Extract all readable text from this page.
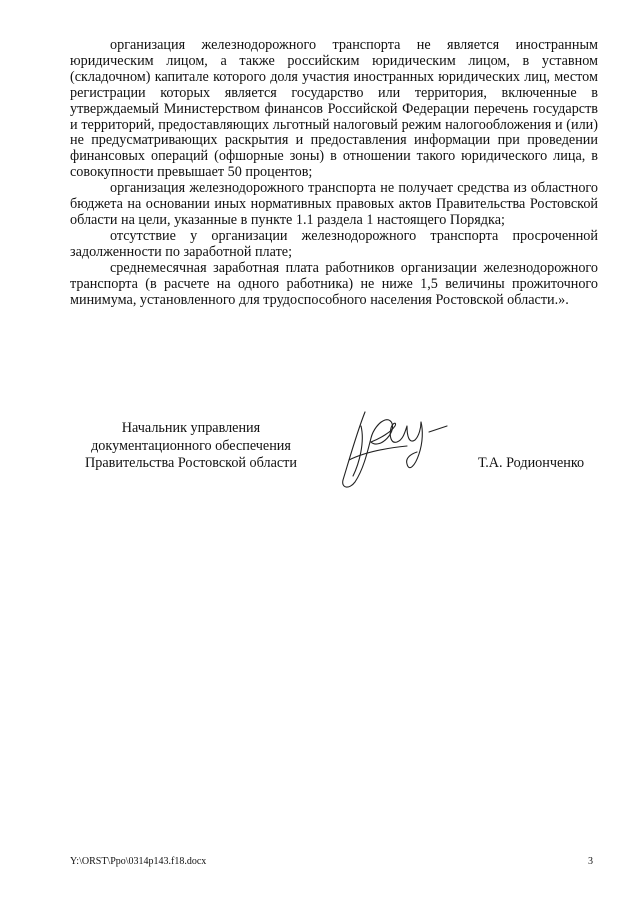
организация железнодорожного транспорта не является иностранным юридическим лицом, а также российским юридическим лицом, в уставном (складочном) капитале которого доля участия иностранных юридических лиц, местом регистрации которых является государство или территория, включенные в утверждаемый Министерством финансов Российской Федерации перечень государств и территорий, предоставляющих льготный налоговый режим налогообложения и (или) не предусматривающих раскрытия и предоставления информации при проведении финансовых операций (офшорные зоны) в отношении такого юридического лица, в совокупности превышает 50 процентов;

организация железнодорожного транспорта не получает средства из областного бюджета на основании иных нормативных правовых актов Правительства Ростовской области на цели, указанные в пункте 1.1 раздела 1 настоящего Порядка;

отсутствие у организации железнодорожного транспорта просроченной задолженности по заработной плате;

среднемесячная заработная плата работников организации железнодорожного транспорта (в расчете на одного работника) не ниже 1,5 величины прожиточного минимума, установленного для трудоспособного населения Ростовской области.».

Начальник управления
документационного обеспечения
Правительства Ростовской области	Т.А. Родионченко
Y:\ORST\Ppo\0314p143.f18.docx	3
